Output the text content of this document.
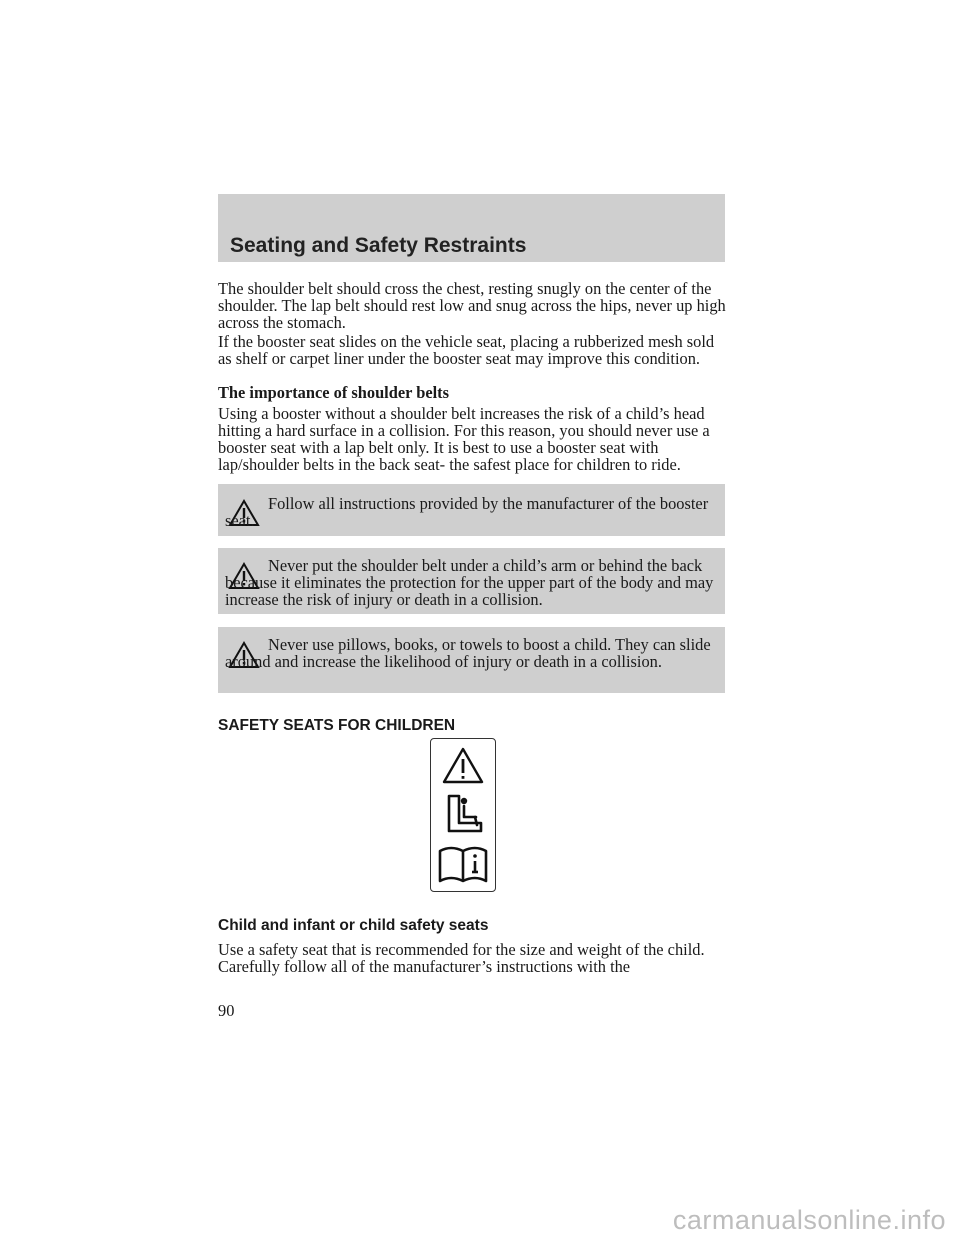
Seating and Safety Restraints
The shoulder belt should cross the chest, resting snugly on the center of the shoulder. The lap belt should rest low and snug across the hips, never up high across the stomach.
If the booster seat slides on the vehicle seat, placing a rubberized mesh sold as shelf or carpet liner under the booster seat may improve this condition.
The importance of shoulder belts
Using a booster without a shoulder belt increases the risk of a child’s head hitting a hard surface in a collision. For this reason, you should never use a booster seat with a lap belt only. It is best to use a booster seat with lap/shoulder belts in the back seat- the safest place for children to ride.
Follow all instructions provided by the manufacturer of the booster seat.
Never put the shoulder belt under a child’s arm or behind the back because it eliminates the protection for the upper part of the body and may increase the risk of injury or death in a collision.
Never use pillows, books, or towels to boost a child. They can slide around and increase the likelihood of injury or death in a collision.
SAFETY SEATS FOR CHILDREN
Child and infant or child safety seats
Use a safety seat that is recommended for the size and weight of the child. Carefully follow all of the manufacturer’s instructions with the
90
carmanualsonline.info
